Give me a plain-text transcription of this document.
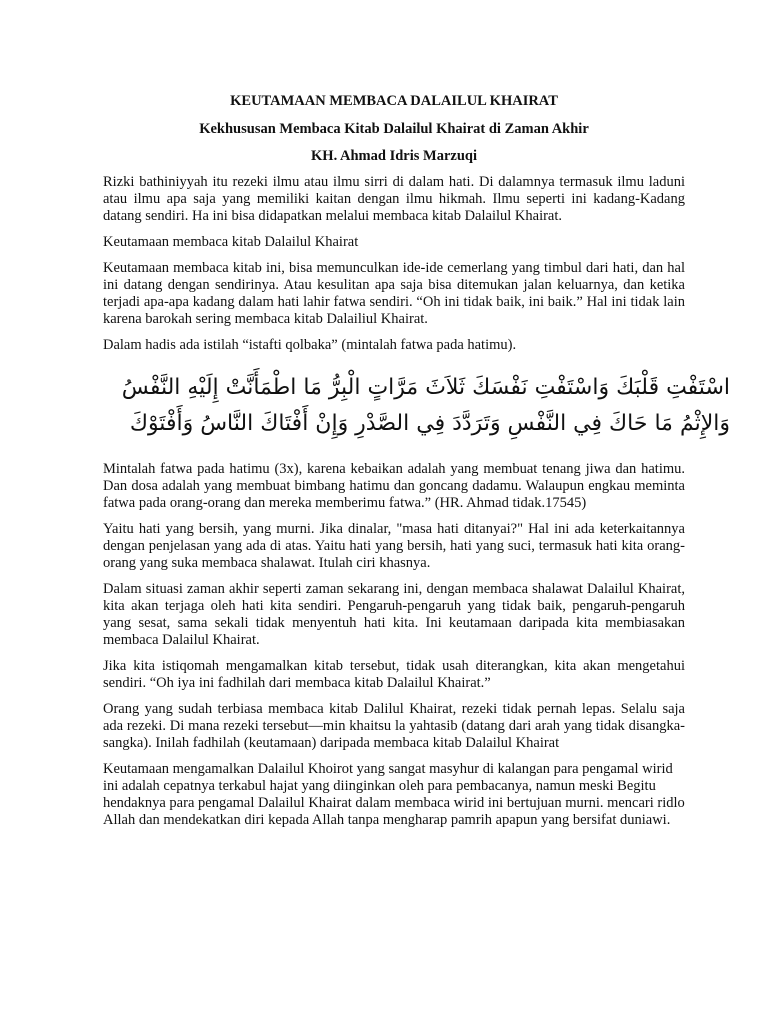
KEUTAMAAN MEMBACA DALAILUL KHAIRAT
Kekhususan Membaca Kitab Dalailul Khairat di Zaman Akhir
KH. Ahmad Idris Marzuqi

Rizki bathiniyyah itu rezeki ilmu atau ilmu sirri di dalam hati. Di dalamnya termasuk ilmu laduni atau ilmu apa saja yang memiliki kaitan dengan ilmu hikmah. Ilmu seperti ini kadang-Kadang datang sendiri. Ha ini bisa didapatkan melalui membaca kitab Dalailul Khairat.

Keutamaan membaca kitab Dalailul Khairat

Keutamaan membaca kitab ini, bisa memunculkan ide-ide cemerlang yang timbul dari hati, dan hal ini datang dengan sendirinya. Atau kesulitan apa saja bisa ditemukan jalan keluarnya, dan ketika terjadi apa-apa kadang dalam hati lahir fatwa sendiri. “Oh ini tidak baik, ini baik.” Hal ini tidak lain karena barokah sering membaca kitab Dalailiul Khairat.

Dalam hadis ada istilah “istafti qolbaka” (mintalah fatwa pada hatimu).

اسْتَفْتِ قَلْبَكَ وَاسْتَفْتِ نَفْسَكَ ثَلاَثَ مَرَّاتٍ الْبِرُّ مَا اطْمَأَنَّتْ إِلَيْهِ النَّفْسُ وَالإِثْمُ مَا حَاكَ فِي النَّفْسِ وَتَرَدَّدَ فِي الصَّدْرِ وَإِنْ أَفْتَاكَ النَّاسُ وَأَفْتَوْكَ

Mintalah fatwa pada hatimu (3x), karena kebaikan adalah yang membuat tenang jiwa dan hatimu. Dan dosa adalah yang membuat bimbang hatimu dan goncang dadamu. Walaupun engkau meminta fatwa pada orang-orang dan mereka memberimu fatwa.” (HR. Ahmad tidak.17545)

Yaitu hati yang bersih, yang murni. Jika dinalar, "masa hati ditanyai?" Hal ini ada keterkaitannya dengan penjelasan yang ada di atas. Yaitu hati yang bersih, hati yang suci, termasuk hati kita orang-orang yang suka membaca shalawat. Itulah ciri khasnya.

Dalam situasi zaman akhir seperti zaman sekarang ini, dengan membaca shalawat Dalailul Khairat, kita akan terjaga oleh hati kita sendiri. Pengaruh-pengaruh yang tidak baik, pengaruh-pengaruh yang sesat, sama sekali tidak menyentuh hati kita. Ini keutamaan daripada kita membiasakan membaca Dalailul Khairat.

Jika kita istiqomah mengamalkan kitab tersebut, tidak usah diterangkan, kita akan mengetahui sendiri. “Oh iya ini fadhilah dari membaca kitab Dalailul Khairat.”

Orang yang sudah terbiasa membaca kitab Dalilul Khairat, rezeki tidak pernah lepas. Selalu saja ada rezeki. Di mana rezeki tersebut—min khaitsu la yahtasib (datang dari arah yang tidak disangka-sangka). Inilah fadhilah (keutamaan) daripada membaca kitab Dalailul Khairat

Keutamaan mengamalkan Dalailul Khoirot yang sangat masyhur di kalangan para pengamal wirid ini adalah cepatnya terkabul hajat yang diinginkan oleh para pembacanya, namun meski Begitu hendaknya para pengamal Dalailul Khairat dalam membaca wirid ini bertujuan murni. mencari ridlo Allah dan mendekatkan diri kepada Allah tanpa mengharap pamrih apapun yang bersifat duniawi.
